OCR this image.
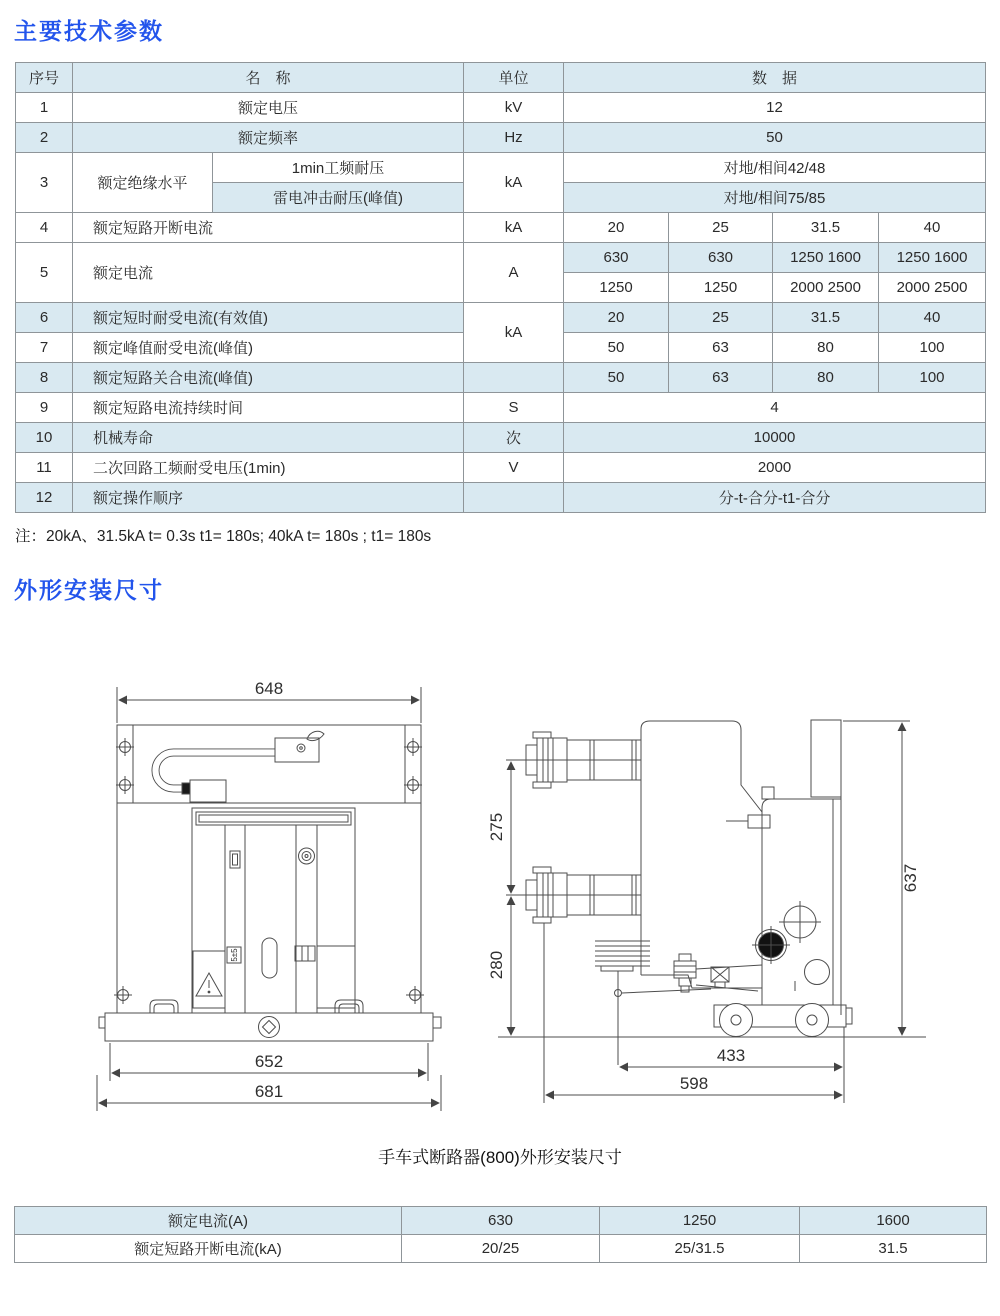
主要技术参数
序号	名　称		单位	数　据			
1	额定电压		kV	12			
2	额定频率		Hz	50			
3	额定绝缘水平	1min工频耐压	kA	对地/相间42/48			
		雷电冲击耐压(峰值)		对地/相间75/85			
4	额定短路开断电流		kA	20	25	31.5	40
5	额定电流		A	630	630	1250 1600	1250 1600
				1250	1250	2000 2500	2000 2500
6	额定短时耐受电流(有效值)		kA	20	25	31.5	40
7	额定峰值耐受电流(峰值)			50	63	80	100
8	额定短路关合电流(峰值)			50	63	80	100
9	额定短路电流持续时间		S	4			
10	机械寿命		次	10000			
11	二次回路工频耐受电压(1min)		V	2000			
12	额定操作顺序			分-t-合分-t1-合分			
注：20kA、31.5kA t= 0.3s t1= 180s; 40kA t= 180s ; t1= 180s
外形安装尺寸
648
652
681
5±5
275
280
637
433
598
手车式断路器(800)外形安装尺寸
额定电流(A)	630	1250	1600
额定短路开断电流(kA)	20/25	25/31.5	31.5
